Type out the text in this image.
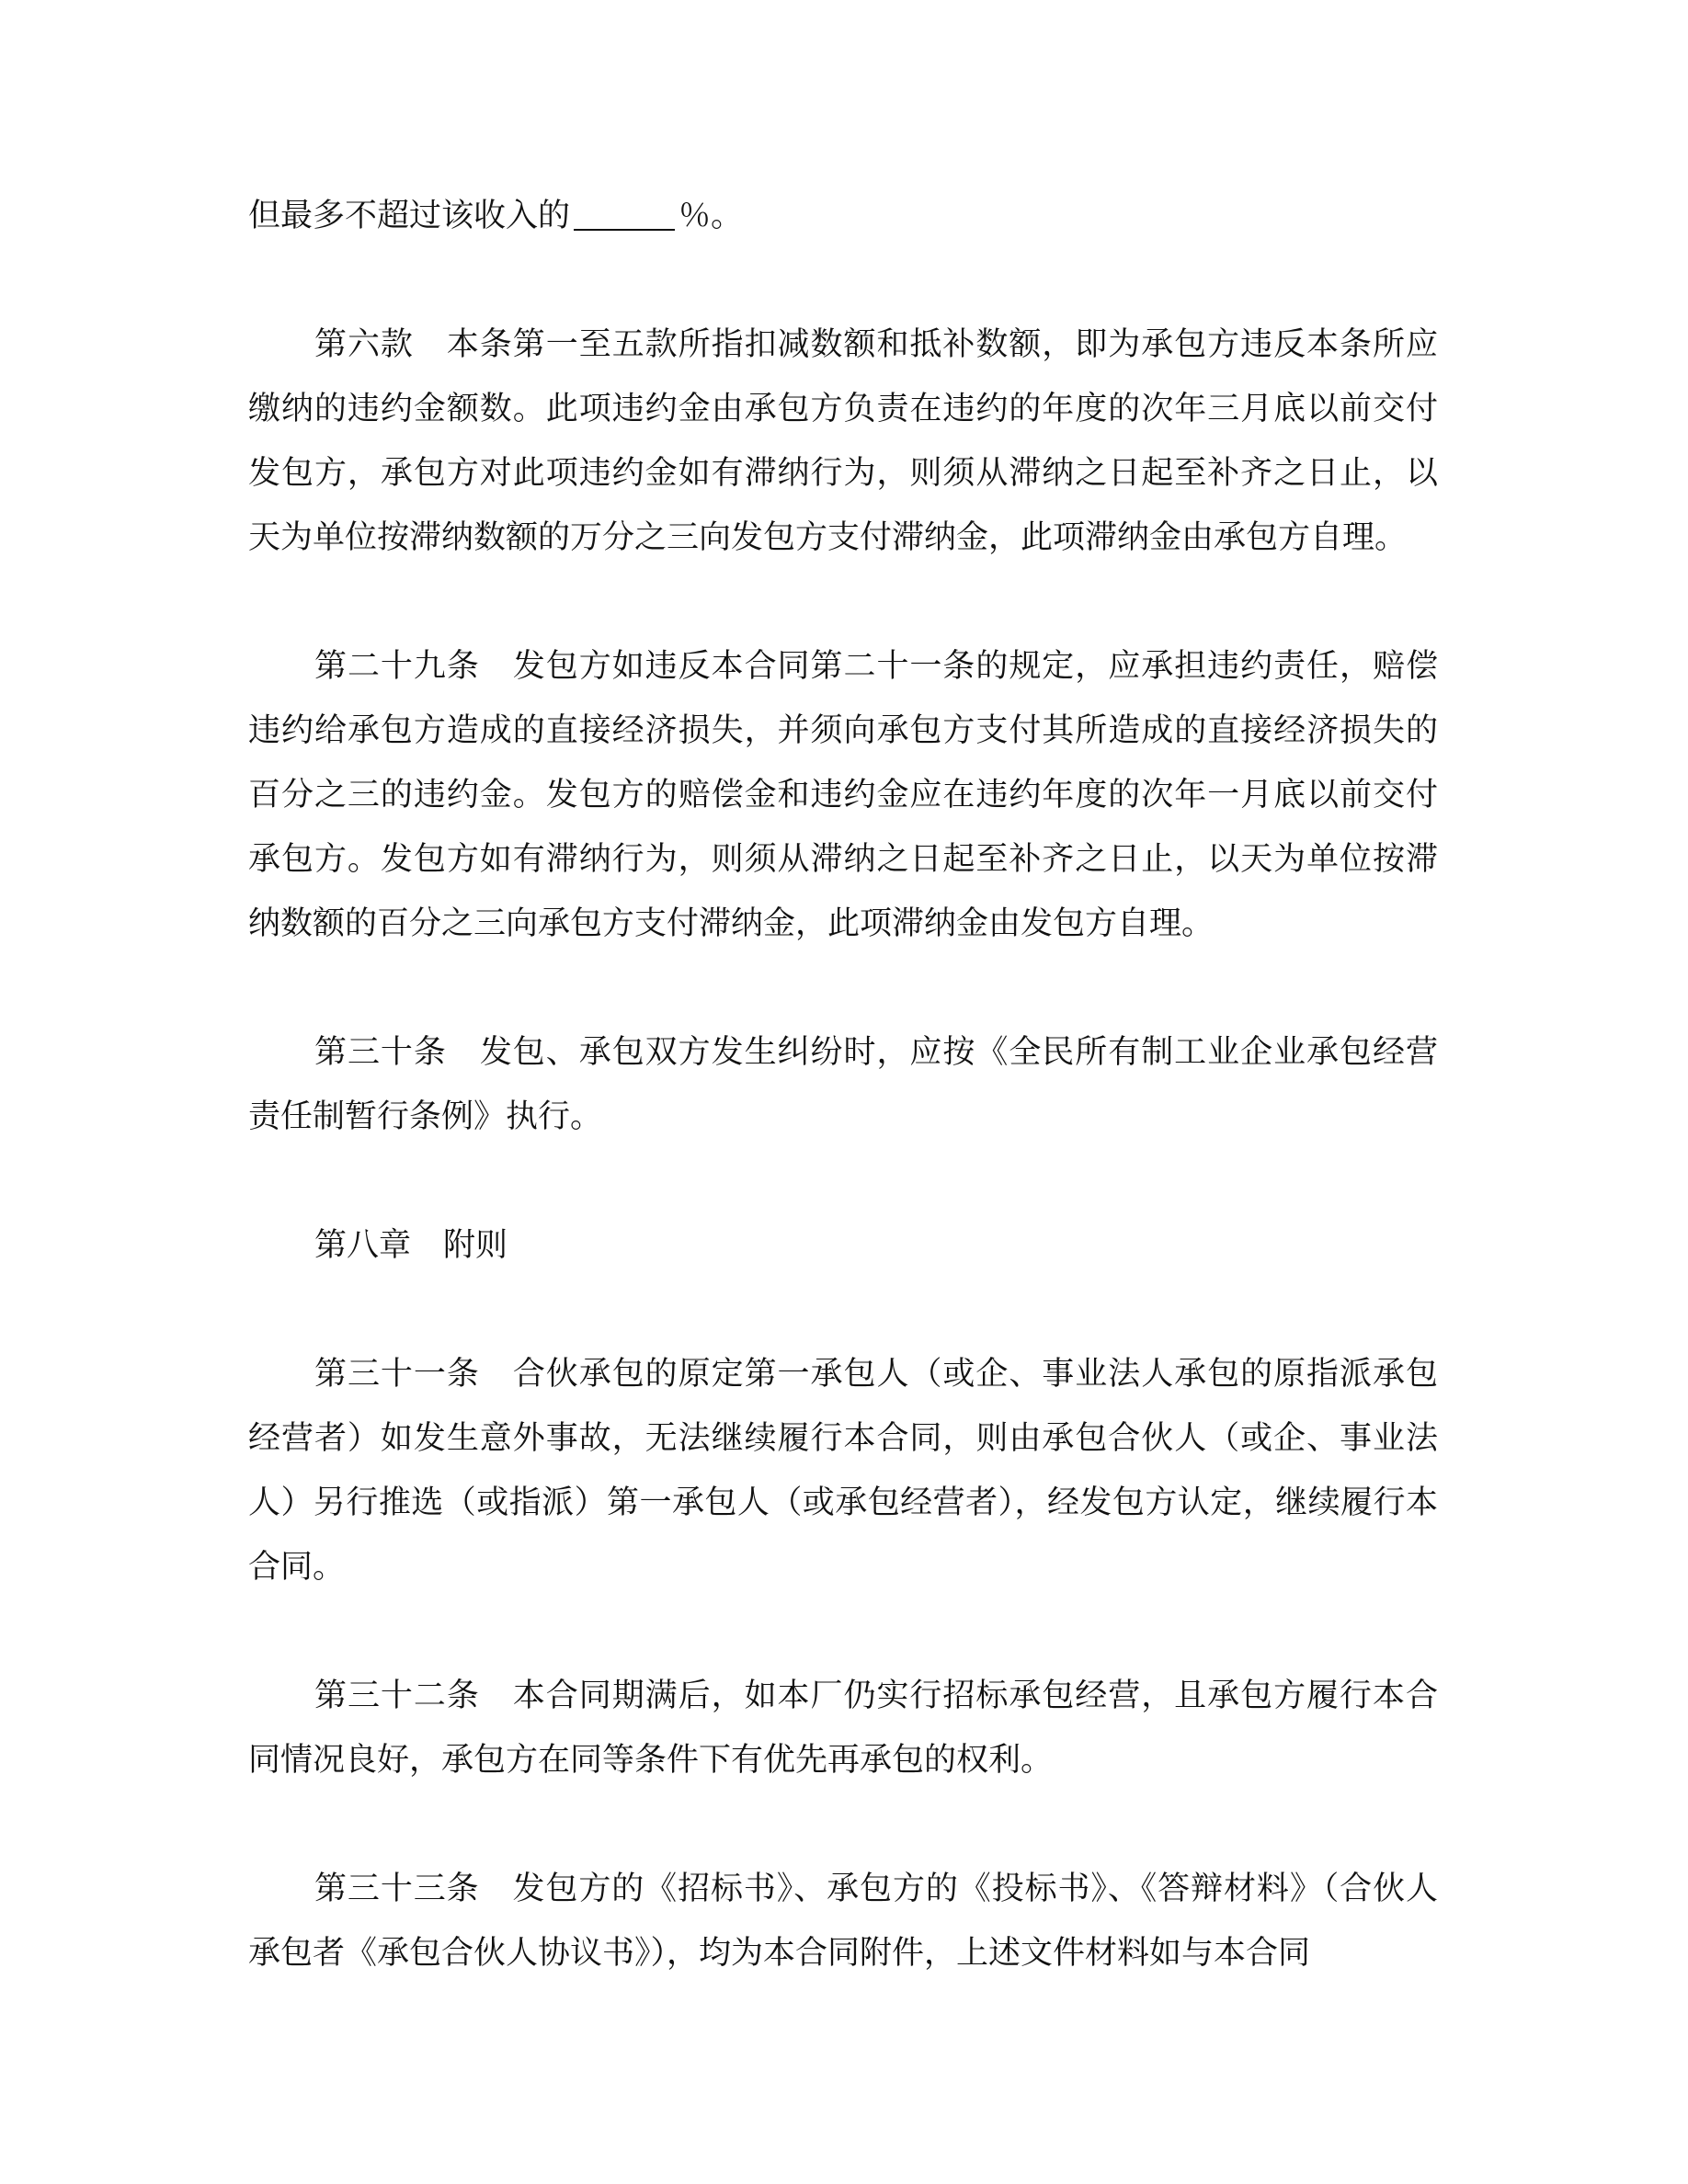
但最多不超过该收入的	％。

第六款　 本条第一至五款所指扣减数额和抵补数额，即为承包方违反本条所应缴纳的违约金额数。此项违约金由承包方负责在违约的年度的次年三月底以前交付发包方，承包方对此项违约金如有滞纳行为，则须从滞纳之日起至补齐之日止，以天为单位按滞纳数额的万分之三向发包方支付滞纳金，此项滞纳金由承包方自理。

第二十九条　 发包方如违反本合同第二十一条的规定，应承担违约责任，赔偿违约给承包方造成的直接经济损失，并须向承包方支付其所造成的直接经济损失的百分之三的违约金。发包方的赔偿金和违约金应在违约年度的次年一月底以前交付承包方。发包方如有滞纳行为，则须从滞纳之日起至补齐之日止，以天为单位按滞纳数额的百分之三向承包方支付滞纳金，此项滞纳金由发包方自理。

第三十条　 发包、承包双方发生纠纷时，应按《全民所有制工业企业承包经营责任制暂行条例》执行。

第八章　 附则

第三十一条　 合伙承包的原定第一承包人（或企、事业法人承包的原指派承包经营者）如发生意外事故，无法继续履行本合同，则由承包合伙人（或企、事业法人）另行推选（或指派）第一承包人（或承包经营者），经发包方认定，继续履行本合同。

第三十二条　 本合同期满后，如本厂仍实行招标承包经营，且承包方履行本合同情况良好，承包方在同等条件下有优先再承包的权利。

第三十三条　 发包方的《招标书》、承包方的《投标书》、《答辩材料》（合伙人承包者《承包合伙人协议书》），均为本合同附件，上述文件材料如与本合同
